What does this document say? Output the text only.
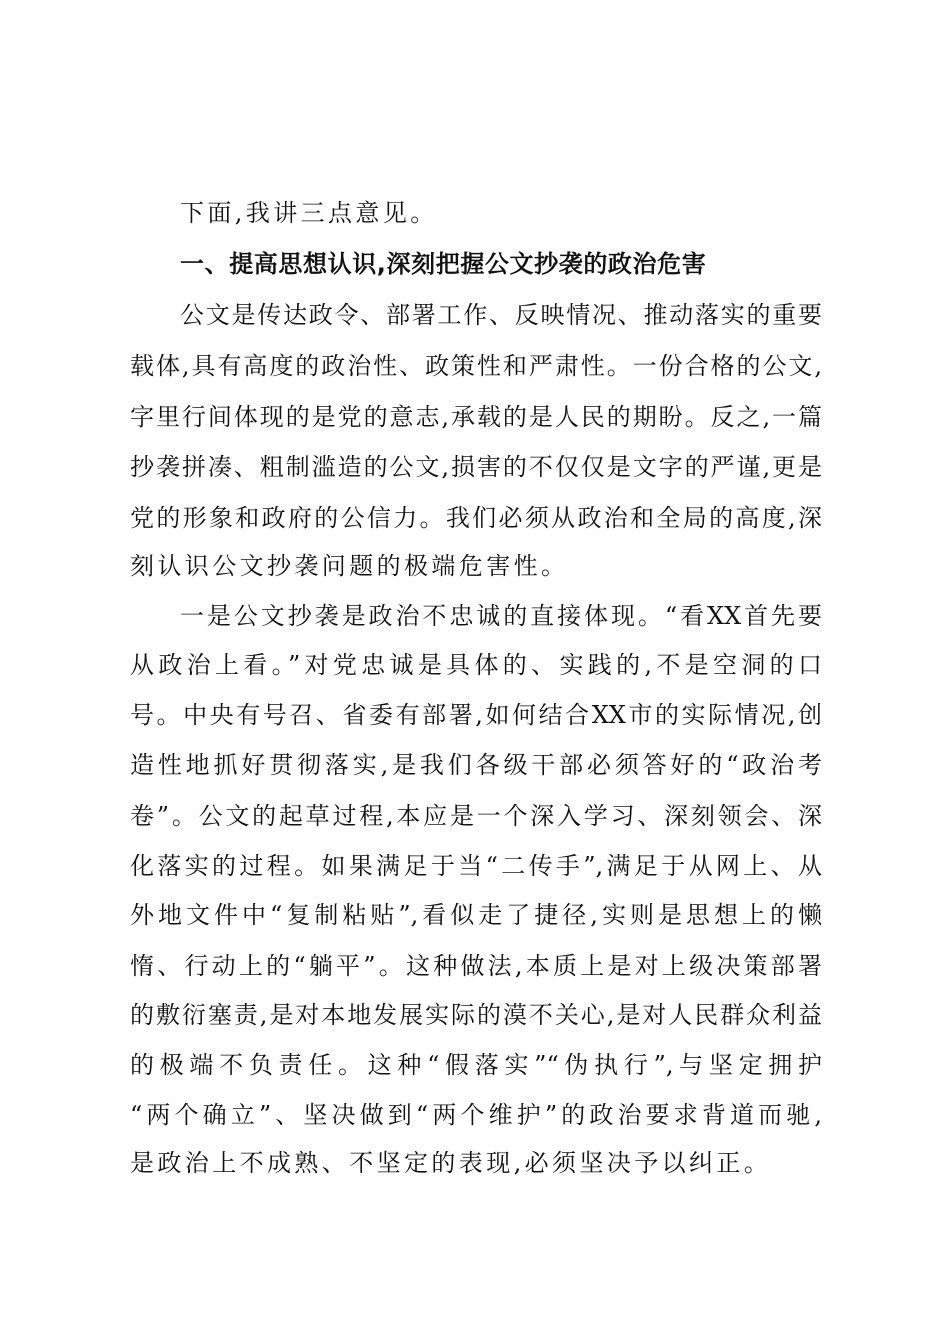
下面,我讲三点意见。
一、提高思想认识,深刻把握公文抄袭的政治危害
公文是传达政令、部署工作、反映情况、推动落实的重要
载体,具有高度的政治性、政策性和严肃性。一份合格的公文,
字里行间体现的是党的意志,承载的是人民的期盼。反之,一篇
抄袭拼凑、粗制滥造的公文,损害的不仅仅是文字的严谨,更是
党的形象和政府的公信力。我们必须从政治和全局的高度,深
刻认识公文抄袭问题的极端危害性。
一是公文抄袭是政治不忠诚的直接体现。“看XX首先要
从政治上看。”对党忠诚是具体的、实践的,不是空洞的口
号。中央有号召、省委有部署,如何结合XX市的实际情况,创
造性地抓好贯彻落实,是我们各级干部必须答好的“政治考
卷”。公文的起草过程,本应是一个深入学习、深刻领会、深
化落实的过程。如果满足于当“二传手”,满足于从网上、从
外地文件中“复制粘贴”,看似走了捷径,实则是思想上的懒
惰、行动上的“躺平”。这种做法,本质上是对上级决策部署
的敷衍塞责,是对本地发展实际的漠不关心,是对人民群众利益
的极端不负责任。这种“假落实”“伪执行”,与坚定拥护
“两个确立”、坚决做到“两个维护”的政治要求背道而驰,
是政治上不成熟、不坚定的表现,必须坚决予以纠正。
